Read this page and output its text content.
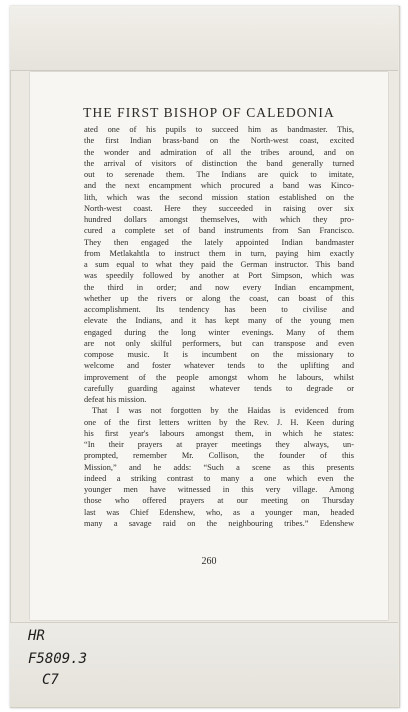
THE FIRST BISHOP OF CALEDONIA
ated one of his pupils to succeed him as bandmaster. This,
the first Indian brass-band on the North-west coast, excited
the wonder and admiration of all the tribes around, and on
the arrival of visitors of distinction the band generally turned
out to serenade them. The Indians are quick to imitate,
and the next encampment which procured a band was Kinco-
lith, which was the second mission station established on the
North-west coast. Here they succeeded in raising over six
hundred dollars amongst themselves, with which they pro-
cured a complete set of band instruments from San Francisco.
They then engaged the lately appointed Indian bandmaster
from Metlakahtla to instruct them in turn, paying him exactly
a sum equal to what they paid the German instructor. This band
was speedily followed by another at Port Simpson, which was
the third in order; and now every Indian encampment,
whether up the rivers or along the coast, can boast of this
accomplishment. Its tendency has been to civilise and
elevate the Indians, and it has kept many of the young men
engaged during the long winter evenings. Many of them
are not only skilful performers, but can transpose and even
compose music. It is incumbent on the missionary to
welcome and foster whatever tends to the uplifting and
improvement of the people amongst whom he labours, whilst
carefully guarding against whatever tends to degrade or
defeat his mission.
That I was not forgotten by the Haidas is evidenced from
one of the first letters written by the Rev. J. H. Keen during
his first year's labours amongst them, in which he states:
“In their prayers at prayer meetings they always, un-
prompted, remember Mr. Collison, the founder of this
Mission,” and he adds: “Such a scene as this presents
indeed a striking contrast to many a one which even the
younger men have witnessed in this very village. Among
those who offered prayers at our meeting on Thursday
last was Chief Edenshew, who, as a younger man, headed
many a savage raid on the neighbouring tribes.” Edenshew
260
HR
F5809.3
C7
